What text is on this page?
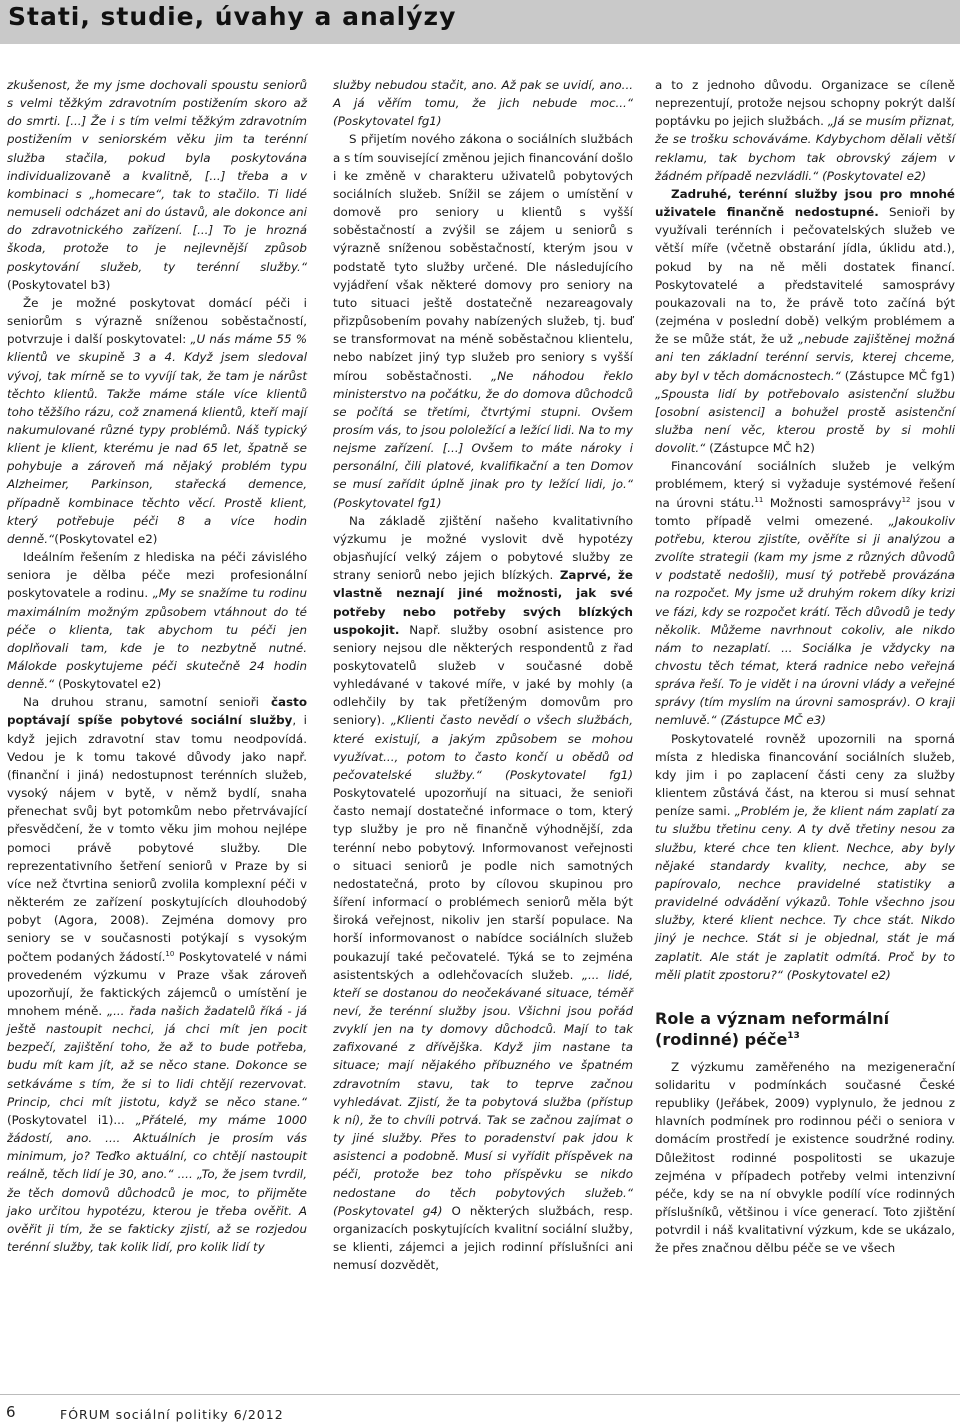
Stati, studie, úvahy a analýzy

zkušenost, že my jsme dochovali spoustu seniorů s velmi těžkým zdravotním postižením skoro až do smrti. [...] Že i s tím velmi těžkým zdravotním postižením v seniorském věku jim ta terénní služba stačila, pokud byla poskytována individualizovaně a kvalitně, [...] třeba a v kombinaci s „homecare“, tak to stačilo. Ti lidé nemuseli odcházet ani do ústavů, ale dokonce ani do zdravotnického zařízení. [...] To je hrozná škoda, protože to je nejlevnější způsob poskytování služeb, ty terénní služby.“ (Poskytovatel b3)

Že je možné poskytovat domácí péči i seniorům s výrazně sníženou soběstačností, potvrzuje i další poskytovatel: „U nás máme 55 % klientů ve skupině 3 a 4. Když jsem sledoval vývoj, tak mírně se to vyvíjí tak, že tam je nárůst těchto klientů. Takže máme stále více klientů toho těžšího rázu, což znamená klientů, kteří mají nakumulované různé typy problémů. Náš typický klient je klient, kterému je nad 65 let, špatně se pohybuje a zároveň má nějaký problém typu Alzheimer, Parkinson, stařecká demence, případně kombinace těchto věcí. Prostě klient, který potřebuje péči 8 a více hodin denně.“(Poskytovatel e2)

Ideálním řešením z hlediska na péči závislého seniora je dělba péče mezi profesionální poskytovatele a rodinu. „My se snažíme tu rodinu maximálním možným způsobem vtáhnout do té péče o klienta, tak abychom tu péči jen doplňovali tam, kde je to nezbytně nutné. Málokde poskytujeme péči skutečně 24 hodin denně.“ (Poskytovatel e2)

Na druhou stranu, samotní senioři často poptávají spíše pobytové sociální služby, i když jejich zdravotní stav tomu neodpovídá. Vedou je k tomu takové důvody jako např. (finanční i jiná) nedostupnost terénních služeb, vysoký nájem v bytě, v němž bydlí, snaha přenechat svůj byt potomkům nebo přetrvávající přesvědčení, že v tomto věku jim mohou nejlépe pomoci právě pobytové služby. Dle reprezentativního šetření seniorů v Praze by si více než čtvrtina seniorů zvolila komplexní péči v některém ze zařízení poskytujících dlouhodobý pobyt (Agora, 2008). Zejména domovy pro seniory se v současnosti potýkají s vysokým počtem podaných žádostí.$^{10}$ Poskytovatelé v námi provedeném výzkumu v Praze však zároveň upozorňují, že faktických zájemců o umístění je mnohem méně. „... řada našich žadatelů říká - já ještě nastoupit nechci, já chci mít jen pocit bezpečí, zajištění toho, že až to bude potřeba, budu mít kam jít, až se něco stane. Dokonce se setkáváme s tím, že si to lidi chtějí rezervovat. Princip, chci mít jistotu, když se něco stane.“ (Poskytovatel i1)... „Přátelé, my máme 1000 žádostí, ano. .... Aktuálních je prosím vás minimum, jo? Teďko aktuální, co chtějí nastoupit reálně, těch lidí je 30, ano.“ .... „To, že jsem tvrdil, že těch domovů důchodců je moc, to přijměte jako určitou hypotézu, kterou je třeba ověřit. A ověřit ji tím, že se fakticky zjistí, až se rozjedou terénní služby, tak kolik lidí, pro kolik lidí ty

služby nebudou stačit, ano. Až pak se uvidí, ano... A já věřím tomu, že jich nebude moc...“ (Poskytovatel fg1)

S přijetím nového zákona o sociálních službách a s tím související změnou jejich financování došlo i ke změně v charakteru uživatelů pobytových sociálních služeb. Snížil se zájem o umístění v domově pro seniory u klientů s vyšší soběstačností a zvýšil se zájem u seniorů s výrazně sníženou soběstačností, kterým jsou v podstatě tyto služby určené. Dle následujícího vyjádření však některé domovy pro seniory na tuto situaci ještě dostatečně nezareagovaly přizpůsobením povahy nabízených služeb, tj. buď se transformovat na méně soběstačnou klientelu, nebo nabízet jiný typ služeb pro seniory s vyšší mírou soběstačnosti. „Ne náhodou řeklo ministerstvo na počátku, že do domova důchodců se počítá se třetími, čtvrtými stupni. Ovšem prosím vás, to jsou pololežící a ležící lidi. Na to my nejsme zařízení. [...] Ovšem to máte nároky i personální, čili platové, kvalifikační a ten Domov se musí zařídit úplně jinak pro ty ležící lidi, jo.“ (Poskytovatel fg1)

Na základě zjištění našeho kvalitativního výzkumu je možné vyslovit dvě hypotézy objasňující velký zájem o pobytové služby ze strany seniorů nebo jejich blízkých. Zaprvé, že vlastně neznají jiné možnosti, jak své potřeby nebo potřeby svých blízkých uspokojit. Např. služby osobní asistence pro seniory nejsou dle některých respondentů z řad poskytovatelů služeb v současné době vyhledávané v takové míře, v jaké by mohly (a odlehčily by tak přetíženým domovům pro seniory). „Klienti často nevědí o všech službách, které existují, a jakým způsobem se mohou využívat..., potom to často končí u obědů od pečovatelské služby.“ (Poskytovatel fg1) Poskytovatelé upozorňují na situaci, že senioři často nemají dostatečné informace o tom, který typ služby je pro ně finančně výhodnější, zda terénní nebo pobytový. Informovanost veřejnosti o situaci seniorů je podle nich samotných nedostatečná, proto by cílovou skupinou pro šíření informací o problémech seniorů měla být široká veřejnost, nikoliv jen starší populace. Na horší informovanost o nabídce sociálních služeb poukazují také pečovatelé. Týká se to zejména asistentských a odlehčovacích služeb. „... lidé, kteří se dostanou do neočekávané situace, téměř neví, že terénní služby jsou. Všichni jsou pořád zvyklí jen na ty domovy důchodců. Mají to tak zafixované z dřívějška. Když jim nastane ta situace; mají nějakého příbuzného ve špatném zdravotním stavu, tak to teprve začnou vyhledávat. Zjistí, že ta pobytová služba (přístup k ní), že to chvíli potrvá. Tak se začnou zajímat o ty jiné služby. Přes to poradenství pak jdou k asistenci a podobně. Musí si vyřídit příspěvek na péči, protože bez toho příspěvku se nikdo nedostane do těch pobytových služeb.“ (Poskytovatel g4) O některých službách, resp. organizacích poskytujících kvalitní sociální služby, se klienti, zájemci a jejich rodinní příslušníci ani nemusí dozvědět,

a to z jednoho důvodu. Organizace se cíleně neprezentují, protože nejsou schopny pokrýt další poptávku po jejich službách. „Já se musím přiznat, že se trošku schováváme. Kdybychom dělali větší reklamu, tak bychom tak obrovský zájem v žádném případě nezvládli.“ (Poskytovatel e2)

Zadruhé, terénní služby jsou pro mnohé uživatele finančně nedostupné. Senioři by využívali terénních i pečovatelských služeb ve větší míře (včetně obstarání jídla, úklidu atd.), pokud by na ně měli dostatek financí. Poskytovatelé a představitelé samosprávy poukazovali na to, že právě toto začíná být (zejména v poslední době) velkým problémem a že se může stát, že už „nebude zajištěnej možná ani ten základní terénní servis, kterej chceme, aby byl v těch domácnostech.“ (Zástupce MČ fg1) „Spousta lidí by potřebovalo asistenční službu [osobní asistenci] a bohužel prostě asistenční služba není věc, kterou prostě by si mohli dovolit.“ (Zástupce MČ h2)

Financování sociálních služeb je velkým problémem, který si vyžaduje systémové řešení na úrovni státu.$^{11}$ Možnosti samosprávy$^{12}$ jsou v tomto případě velmi omezené. „Jakoukoliv potřebu, kterou zjistíte, ověříte si ji analýzou a zvolíte strategii (kam my jsme z různých důvodů v podstatě nedošli), musí tý potřebě provázána na rozpočet. My jsme už druhým rokem díky krizi ve fázi, kdy se rozpočet krátí. Těch důvodů je tedy několik. Můžeme navrhnout cokoliv, ale nikdo nám to nezaplatí. ... Sociálka je vždycky na chvostu těch témat, která radnice nebo veřejná správa řeší. To je vidět i na úrovni vlády a veřejné správy (tím myslím na úrovni samospráv). O kraji nemluvě.“ (Zástupce MČ e3)

Poskytovatelé rovněž upozornili na sporná místa z hlediska financování sociálních služeb, kdy jim i po zaplacení části ceny za služby klientem zůstává část, na kterou si musí sehnat peníze sami. „Problém je, že klient nám zaplatí za tu službu třetinu ceny. A ty dvě třetiny nesou za službu, které chce ten klient. Nechce, aby byly nějaké standardy kvality, nechce, aby se papírovalo, nechce pravidelné statistiky a pravidelné odvádění výkazů. Tohle všechno jsou služby, které klient nechce. Ty chce stát. Nikdo jiný je nechce. Stát si je objednal, stát je má zaplatit. Ale stát je zaplatit odmítá. Proč by to měli platit zpostoru?“ (Poskytovatel e2)

Role a význam neformální (rodinné) péče$^{13}$

Z výzkumu zaměřeného na mezigenerační solidaritu v podmínkách současné České republiky (Jeřábek, 2009) vyplynulo, že jednou z hlavních podmínek pro rodinnou péči o seniora v domácím prostředí je existence soudržné rodiny. Důležitost rodinné pospolitosti se ukazuje zejména v případech potřeby velmi intenzivní péče, kdy se na ní obvykle podílí více rodinných příslušníků, většinou i více generací. Toto zjištění potvrdil i náš kvalitativní výzkum, kde se ukázalo, že přes značnou dělbu péče se ve všech

6	FÓRUM sociální politiky 6/2012
